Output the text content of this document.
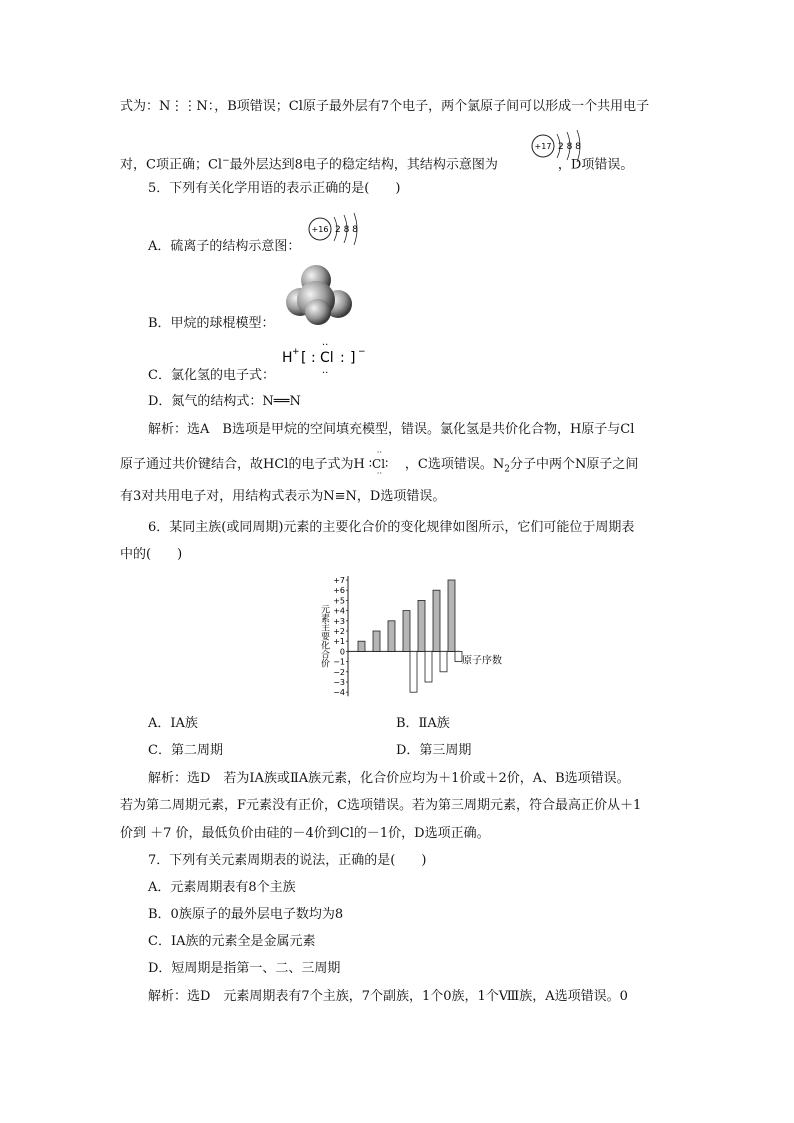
式为：N⋮⋮N：，B项错误；Cl原子最外层有7个电子，两个氯原子间可以形成一个共用电子
对，C项正确；Cl−最外层达到8电子的稳定结构，其结构示意图为	，D项错误。
+17 2 8 8
5．下列有关化学用语的表示正确的是(　　)
A．硫离子的结构示意图：
+16 2 8 8
B．甲烷的球棍模型：
C．氯化氢的电子式：
H + [ :
··
Cl
··
: ] −
D．氮气的结构式：N══N
解析：选A　B选项是甲烷的空间填充模型，错误。氯化氢是共价化合物，H原子与Cl
原子通过共价键结合，故HCl的电子式为H
··
∶Cl∶
··
，C选项错误。$N_2$分子中两个N原子之间
有3对共用电子对，用结构式表示为N≡N，D选项错误。
6．某同主族(或同周期)元素的主要化合价的变化规律如图所示，它们可能位于周期表
中的(　　)
元素主要化合价	原子序数
+7
+6
+5
+4
+3
+2
+1
0
−1
−2
−3
−4
A．ⅠA族	B．ⅡA族
C．第二周期	D．第三周期
解析：选D　若为ⅠA族或ⅡA族元素，化合价应均为＋1价或＋2价，A、B选项错误。
若为第二周期元素，F元素没有正价，C选项错误。若为第三周期元素，符合最高正价从＋1
价到 ＋7 价，最低负价由硅的－4价到Cl的－1价，D选项正确。
7．下列有关元素周期表的说法，正确的是(　　)
A．元素周期表有8个主族
B．0族原子的最外层电子数均为8
C．ⅠA族的元素全是金属元素
D．短周期是指第一、二、三周期
解析：选D　元素周期表有7个主族，7个副族，1个0族，1个Ⅷ族，A选项错误。0
